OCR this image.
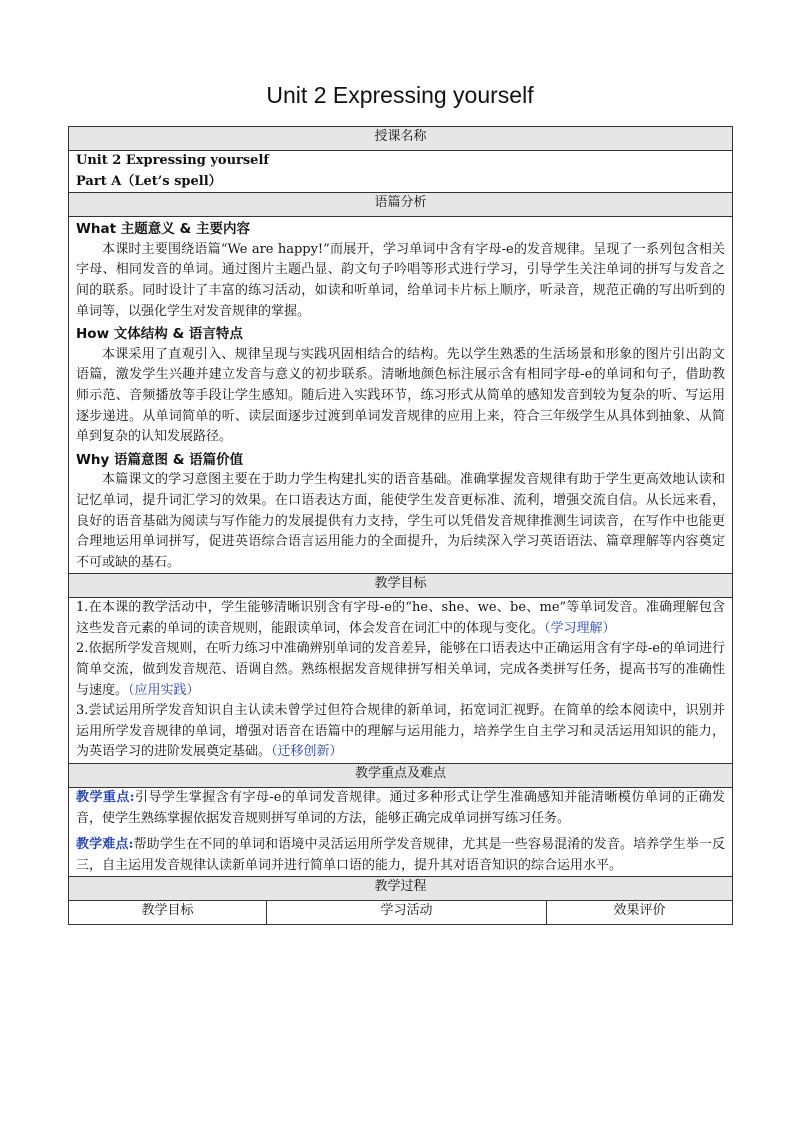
Unit 2 Expressing yourself
授课名称

Unit 2 Expressing yourself
Part A（Let’s spell）

语篇分析

What 主题意义 & 主要内容

本课时主要围绕语篇“We are happy!”而展开，学习单词中含有字母-e的发音规律。呈现了一系列包含相关字母、相同发音的单词。通过图片主题凸显、韵文句子吟唱等形式进行学习，引导学生关注单词的拼写与发音之间的联系。同时设计了丰富的练习活动，如读和听单词，给单词卡片标上顺序，听录音，规范正确的写出听到的单词等，以强化学生对发音规律的掌握。

How 文体结构 & 语言特点

本课采用了直观引入、规律呈现与实践巩固相结合的结构。先以学生熟悉的生活场景和形象的图片引出韵文语篇，激发学生兴趣并建立发音与意义的初步联系。清晰地颜色标注展示含有相同字母-e的单词和句子，借助教师示范、音频播放等手段让学生感知。随后进入实践环节，练习形式从简单的感知发音到较为复杂的听、写运用逐步递进。从单词简单的听、读层面逐步过渡到单词发音规律的应用上来，符合三年级学生从具体到抽象、从简单到复杂的认知发展路径。

Why 语篇意图 & 语篇价值

本篇课文的学习意图主要在于助力学生构建扎实的语音基础。准确掌握发音规律有助于学生更高效地认读和记忆单词，提升词汇学习的效果。在口语表达方面，能使学生发音更标准、流利，增强交流自信。从长远来看，良好的语音基础为阅读与写作能力的发展提供有力支持，学生可以凭借发音规律推测生词读音，在写作中也能更合理地运用单词拼写，促进英语综合语言运用能力的全面提升，为后续深入学习英语语法、篇章理解等内容奠定不可或缺的基石。

教学目标

1.在本课的教学活动中，学生能够清晰识别含有字母-e的“he、she、we、be、me”等单词发音。准确理解包含这些发音元素的单词的读音规则，能跟读单词，体会发音在词汇中的体现与变化。（学习理解）

2.依据所学发音规则，在听力练习中准确辨别单词的发音差异，能够在口语表达中正确运用含有字母-e的单词进行简单交流，做到发音规范、语调自然。熟练根据发音规律拼写相关单词，完成各类拼写任务，提高书写的准确性与速度。（应用实践）

3.尝试运用所学发音知识自主认读未曾学过但符合规律的新单词，拓宽词汇视野。在简单的绘本阅读中，识别并运用所学发音规律的单词，增强对语音在语篇中的理解与运用能力，培养学生自主学习和灵活运用知识的能力，为英语学习的进阶发展奠定基础。（迁移创新）

教学重点及难点

教学重点:引导学生掌握含有字母-e的单词发音规律。通过多种形式让学生准确感知并能清晰模仿单词的正确发音，使学生熟练掌握依据发音规则拼写单词的方法，能够正确完成单词拼写练习任务。

教学难点:帮助学生在不同的单词和语境中灵活运用所学发音规律，尤其是一些容易混淆的发音。培养学生举一反三，自主运用发音规律认读新单词并进行简单口语的能力，提升其对语音知识的综合运用水平。

教学过程
教学目标	学习活动	效果评价
